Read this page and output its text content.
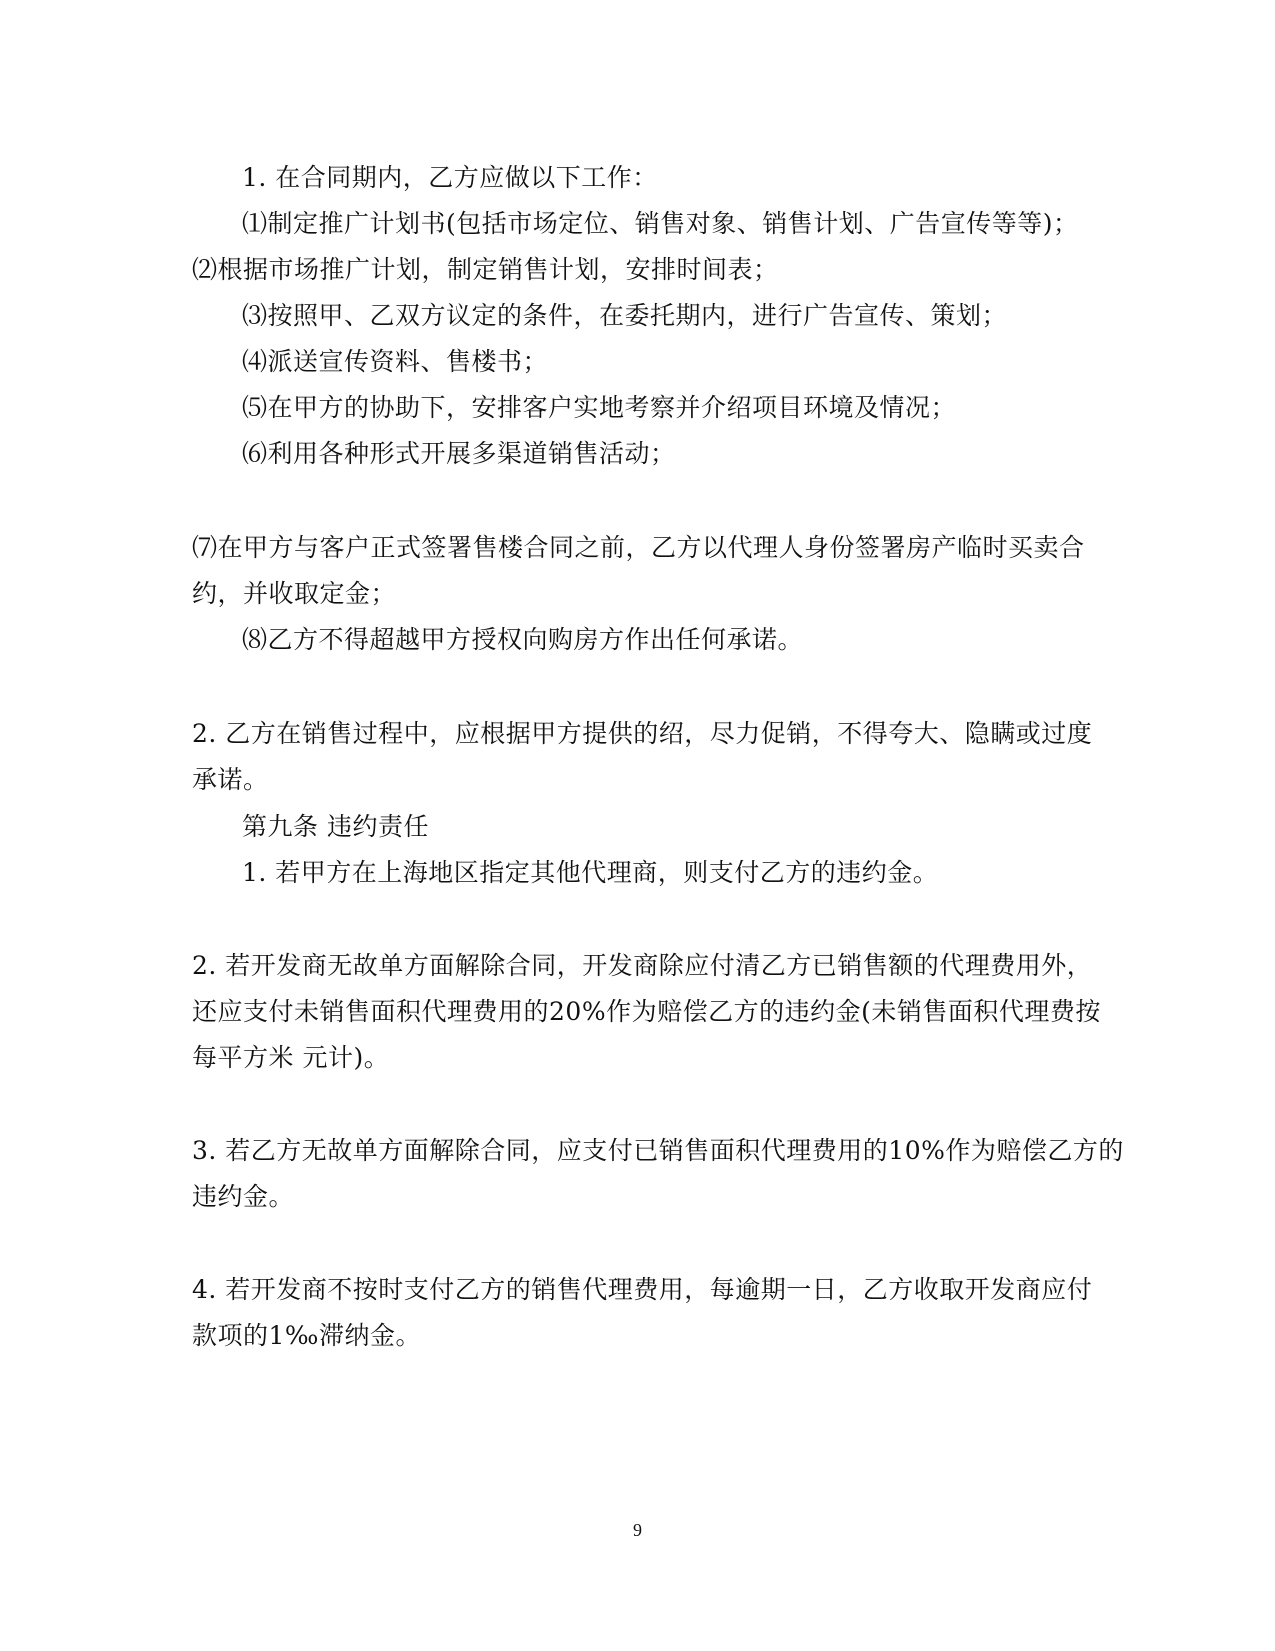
1. 在合同期内，乙方应做以下工作：
⑴制定推广计划书(包括市场定位、销售对象、销售计划、广告宣传等等)；
⑵根据市场推广计划，制定销售计划，安排时间表；
⑶按照甲、乙双方议定的条件，在委托期内，进行广告宣传、策划；
⑷派送宣传资料、售楼书；
⑸在甲方的协助下，安排客户实地考察并介绍项目环境及情况；
⑹利用各种形式开展多渠道销售活动；
⑺在甲方与客户正式签署售楼合同之前，乙方以代理人身份签署房产临时买卖合
约，并收取定金；
⑻乙方不得超越甲方授权向购房方作出任何承诺。
2. 乙方在销售过程中，应根据甲方提供的绍，尽力促销，不得夸大、隐瞒或过度
承诺。
第九条 违约责任
1. 若甲方在上海地区指定其他代理商，则支付乙方的违约金。
2. 若开发商无故单方面解除合同，开发商除应付清乙方已销售额的代理费用外，
还应支付未销售面积代理费用的20%作为赔偿乙方的违约金(未销售面积代理费按
每平方米 元计)。
3. 若乙方无故单方面解除合同，应支付已销售面积代理费用的10%作为赔偿乙方的
违约金。
4. 若开发商不按时支付乙方的销售代理费用，每逾期一日，乙方收取开发商应付
款项的1‰滞纳金。
9
